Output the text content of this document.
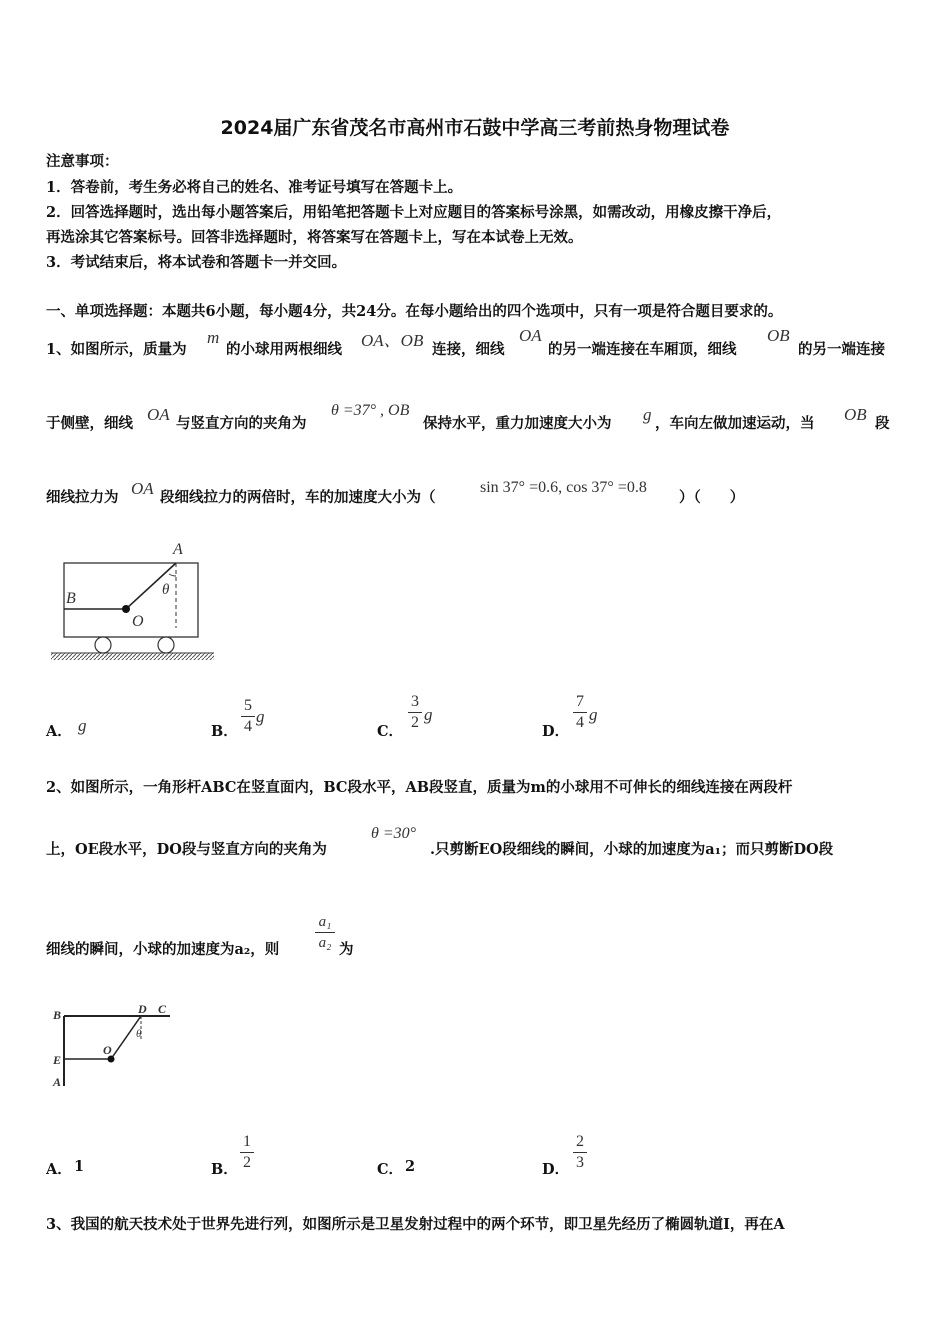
2024届广东省茂名市高州市石鼓中学高三考前热身物理试卷
注意事项：
1．答卷前，考生务必将自己的姓名、准考证号填写在答题卡上。
2．回答选择题时，选出每小题答案后，用铅笔把答题卡上对应题目的答案标号涂黑，如需改动，用橡皮擦干净后，
再选涂其它答案标号。回答非选择题时，将答案写在答题卡上，写在本试卷上无效。
3．考试结束后，将本试卷和答题卡一并交回。
一、单项选择题：本题共6小题，每小题4分，共24分。在每小题给出的四个选项中，只有一项是符合题目要求的。
1、如图所示，质量为
m
的小球用两根细线 OA、OB 连接，细线
OA
的另一端连接在车厢顶，细线
OB
的另一端连接
于侧壁，细线 OA 与竖直方向的夹角为
θ =37° , OB
保持水平，重力加速度大小为 g ，车向左做加速运动，当 OB 段
细线拉力为 OA 段细线拉力的两倍时，车的加速度大小为（
sin 37° =0.6, cos 37° =0.8
）（　　）
A
B
O
θ
A． g	B．
5
4
g
C．
3
2 g
D．
7
4 g
2、如图所示，一角形杆ABC在竖直面内，BC段水平，AB段竖直，质量为m的小球用不可伸长的细线连接在两段杆
上，OE段水平，DO段与竖直方向的夹角为
θ =30°
.只剪断EO段细线的瞬间，小球的加速度为a₁；而只剪断DO段
细线的瞬间，小球的加速度为a₂，则
a₁
a₂ 为
B	D C
E
O
A
θ
A． 1	B．
1
2	C． 2	D．
2
3
3、我国的航天技术处于世界先进行列，如图所示是卫星发射过程中的两个环节，即卫星先经历了椭圆轨道Ⅰ，再在A
